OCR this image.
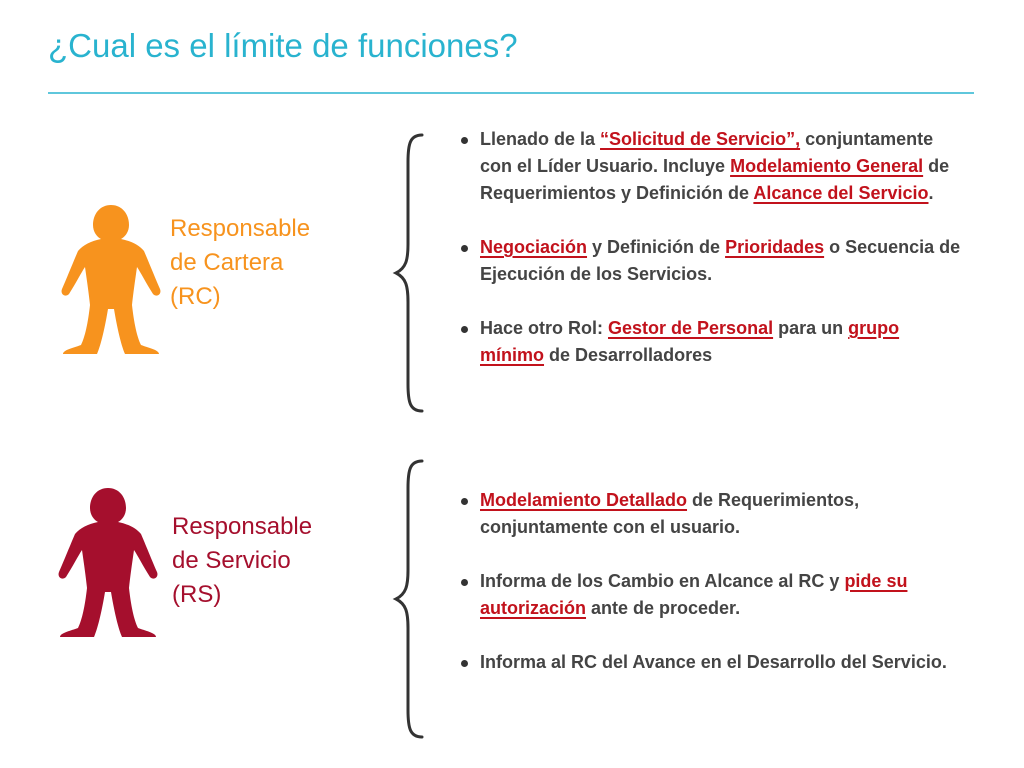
¿Cual es el límite de funciones?

Responsable
de Cartera
(RC)

Llenado de la “Solicitud de Servicio”, conjuntamente con el Líder Usuario. Incluye Modelamiento General de Requerimientos y Definición de Alcance del Servicio.
Negociación y Definición de Prioridades o Secuencia de Ejecución de los Servicios.
Hace otro Rol: Gestor de Personal para un grupo mínimo de Desarrolladores

Responsable
de Servicio
(RS)

Modelamiento Detallado de Requerimientos, conjuntamente con el usuario.
Informa de los Cambio en Alcance al RC y pide su autorización ante de proceder.
Informa al RC del Avance en el Desarrollo del Servicio.
